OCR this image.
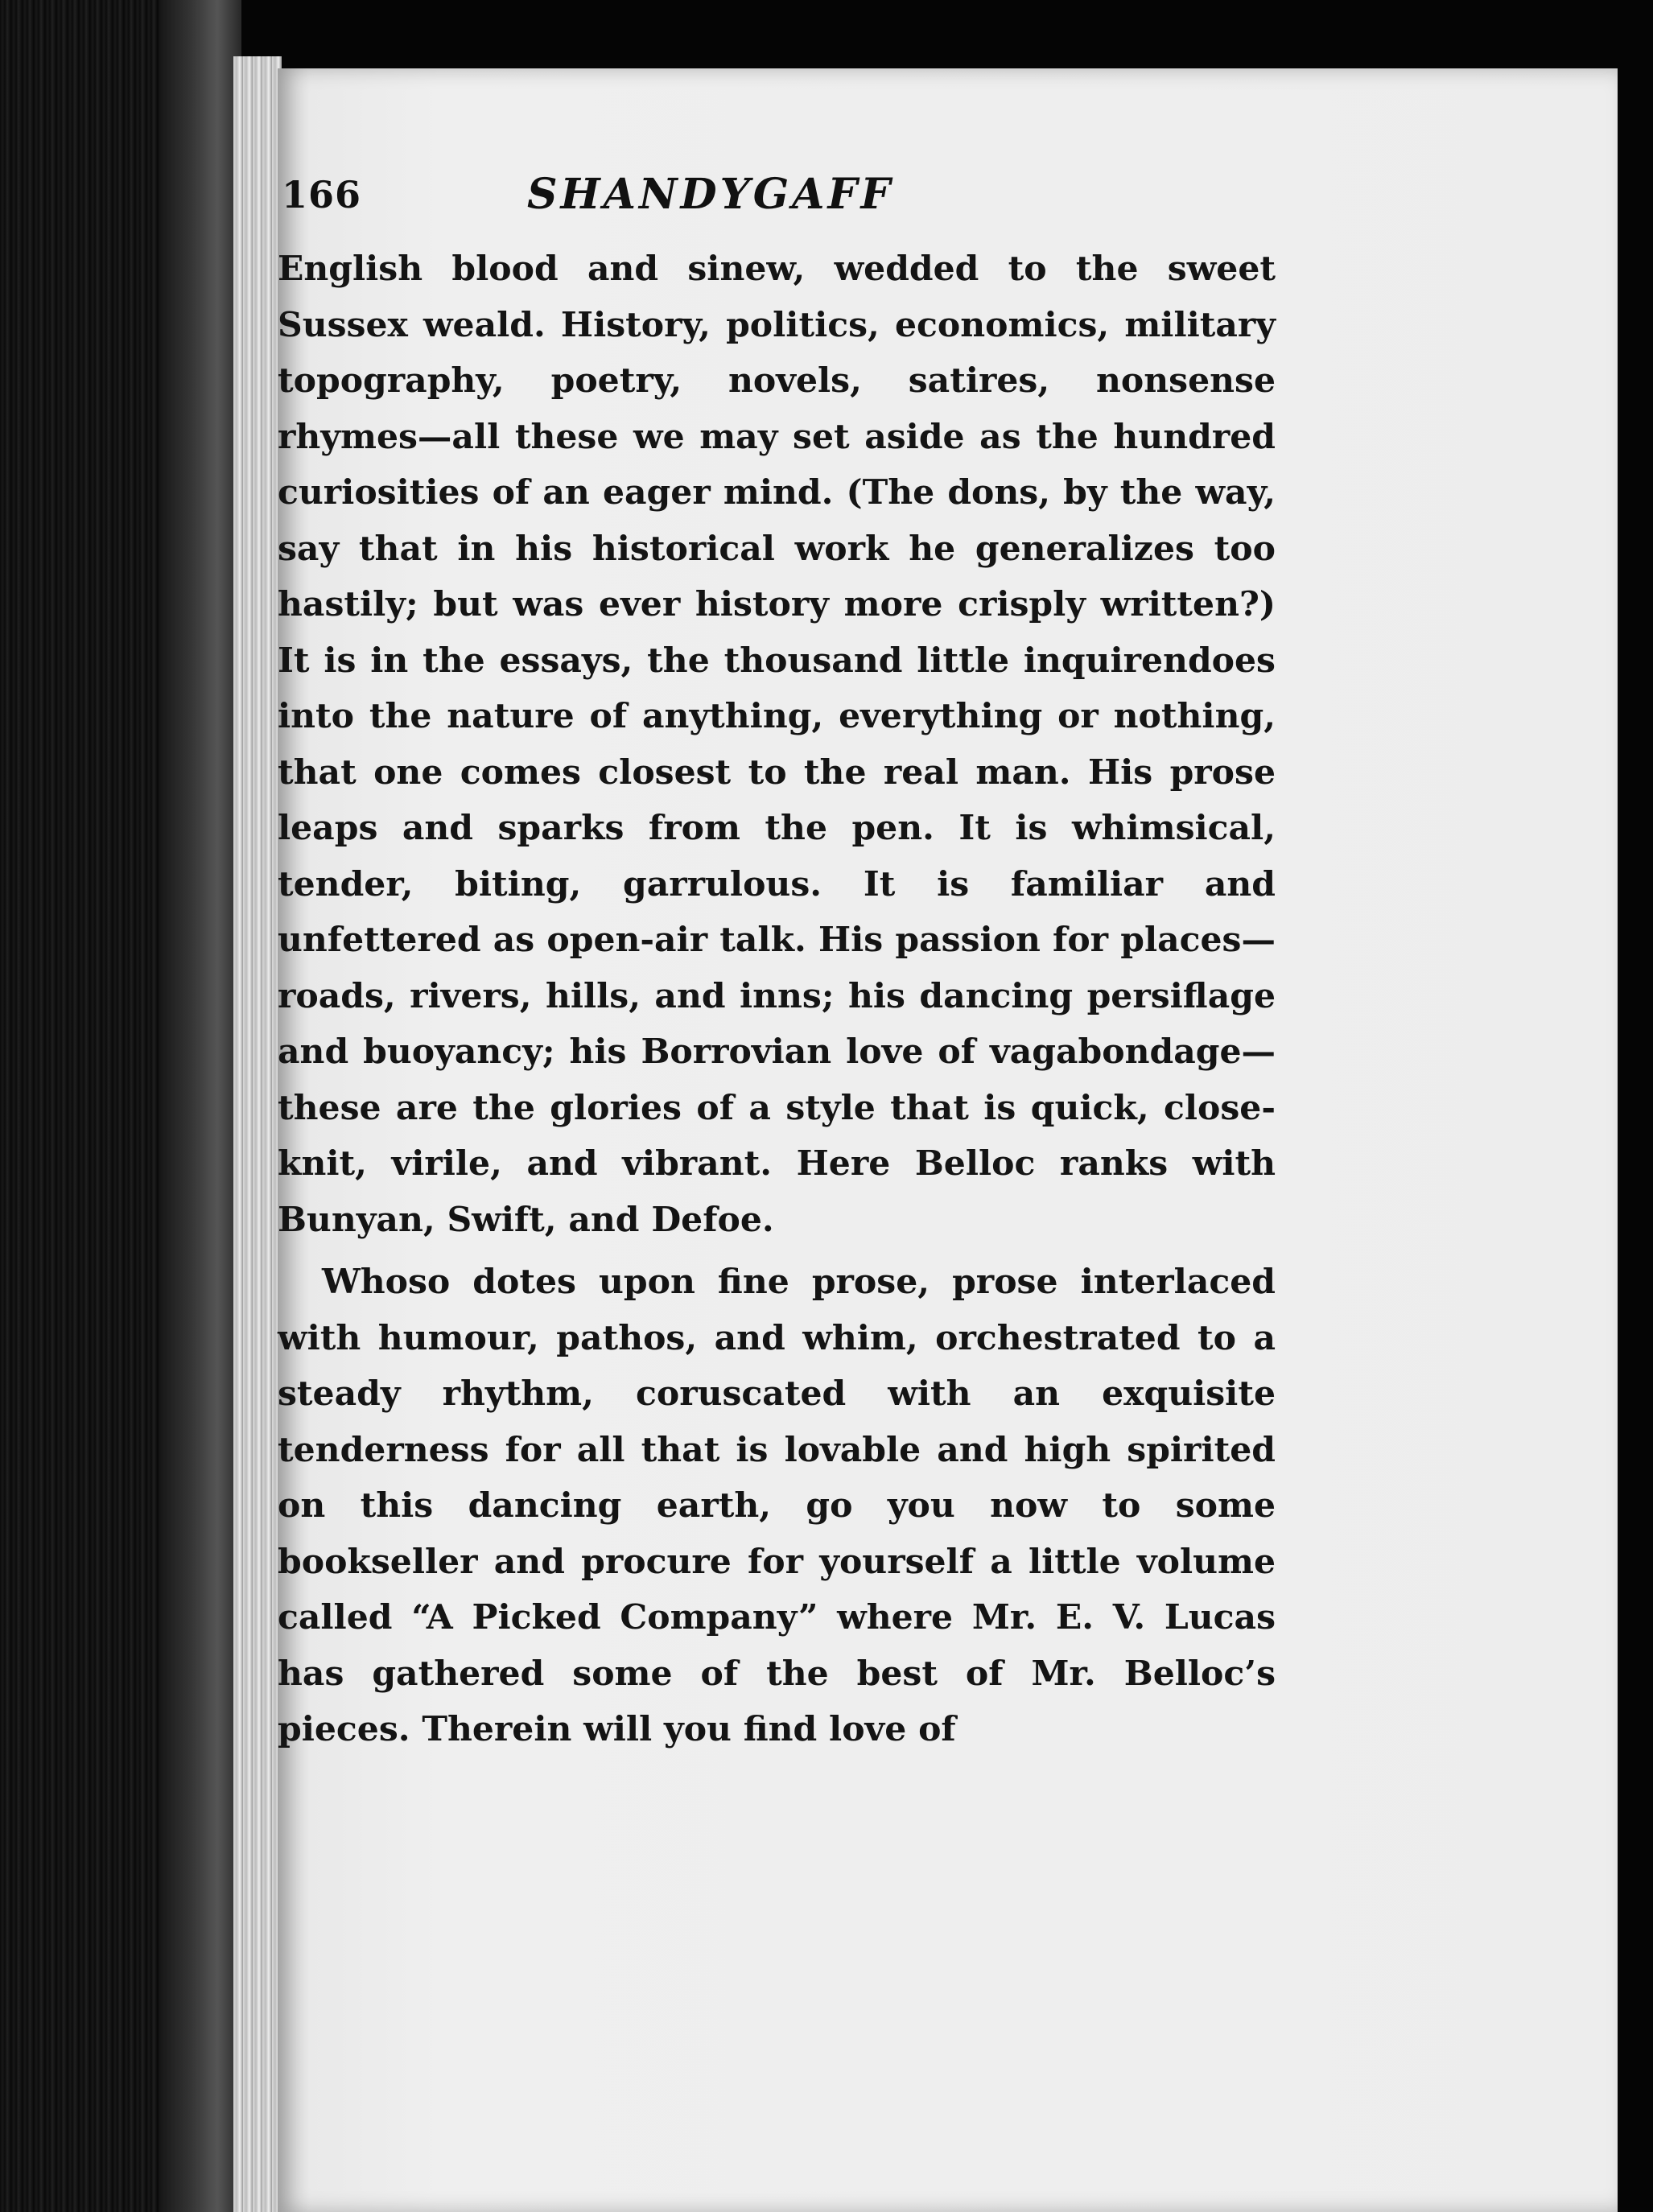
166	SHANDYGAFF

English blood and sinew, wedded to the sweet Sussex weald. History, politics, economics, military topography, poetry, novels, satires, nonsense rhymes—all these we may set aside as the hundred curiosities of an eager mind. (The dons, by the way, say that in his historical work he generalizes too hastily; but was ever history more crisply written?) It is in the essays, the thousand little inquirendoes into the nature of anything, everything or nothing, that one comes closest to the real man. His prose leaps and sparks from the pen. It is whimsical, tender, biting, garrulous. It is familiar and unfettered as open-air talk. His passion for places—roads, rivers, hills, and inns; his dancing persiflage and buoyancy; his Borrovian love of vagabondage—these are the glories of a style that is quick, close-knit, virile, and vibrant. Here Belloc ranks with Bunyan, Swift, and Defoe.

Whoso dotes upon fine prose, prose interlaced with humour, pathos, and whim, orchestrated to a steady rhythm, coruscated with an exquisite tenderness for all that is lovable and high spirited on this dancing earth, go you now to some bookseller and procure for yourself a little volume called “A Picked Company” where Mr. E. V. Lucas has gathered some of the best of Mr. Belloc’s pieces. Therein will you find love of
